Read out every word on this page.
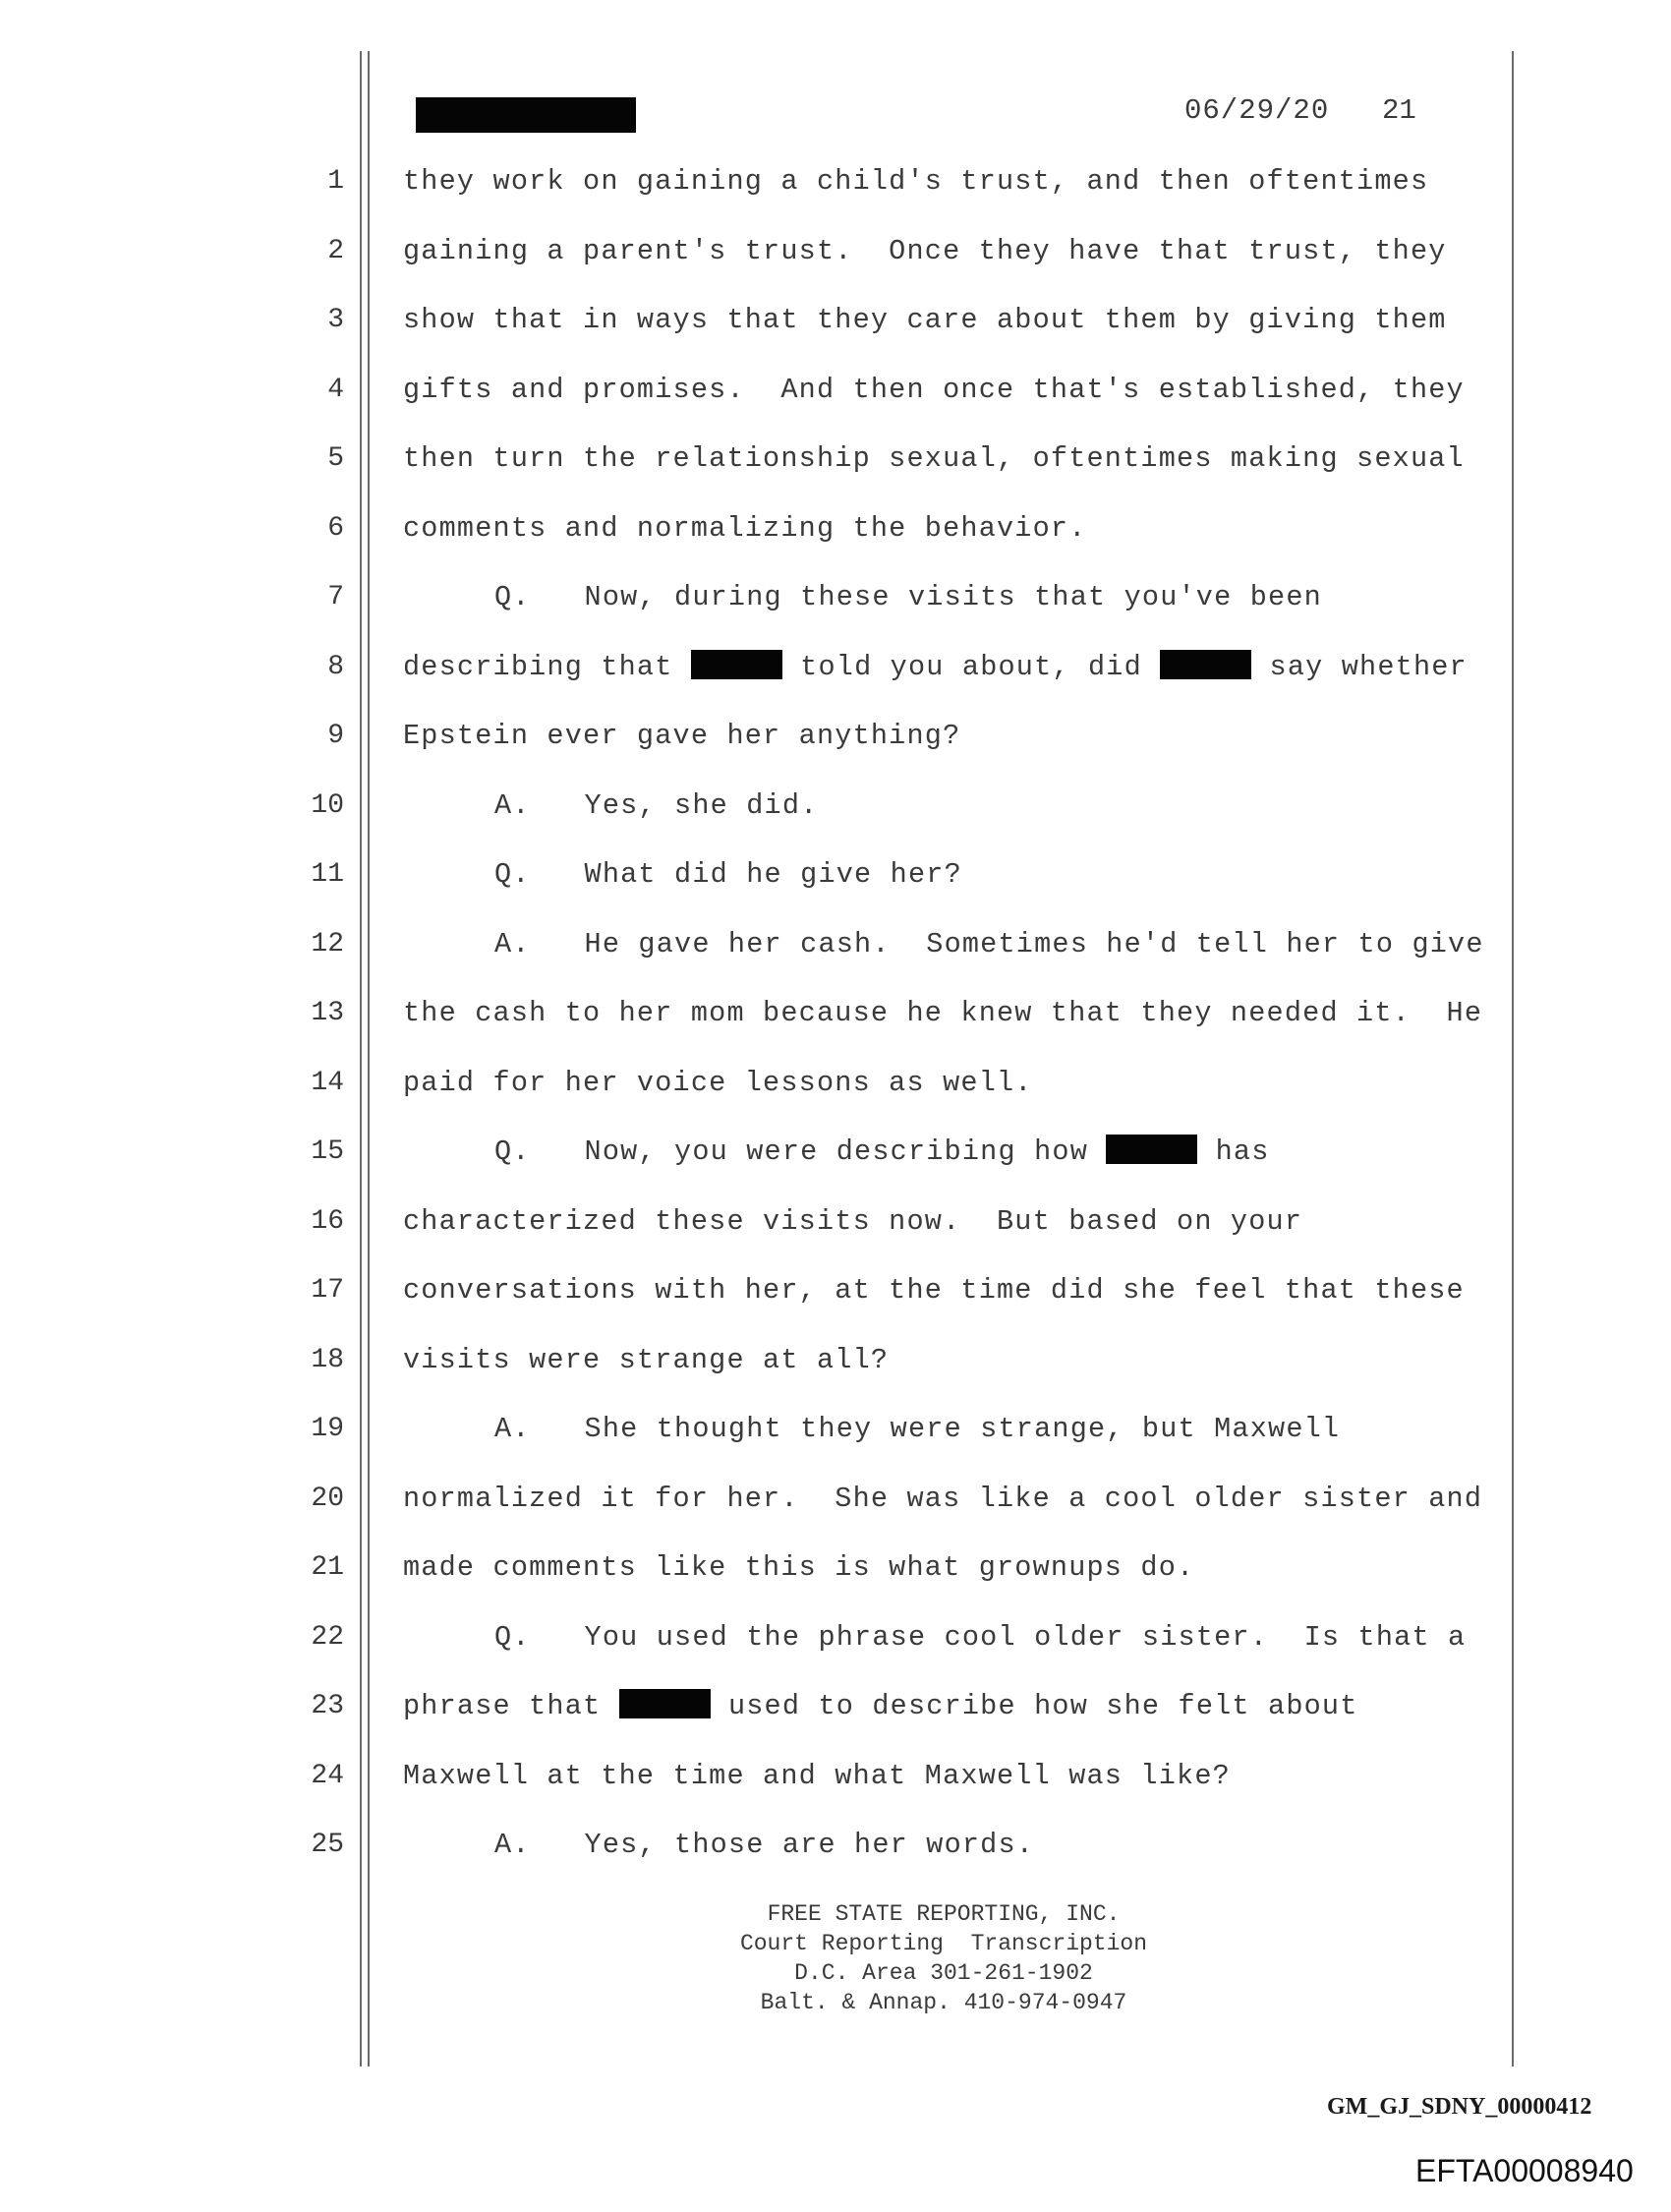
06/29/20 21
1 they work on gaining a child's trust, and then oftentimes
2 gaining a parent's trust.  Once they have that trust, they
3 show that in ways that they care about them by giving them
4 gifts and promises.  And then once that's established, they
5 then turn the relationship sexual, oftentimes making sexual
6 comments and normalizing the behavior.
7	Q.   Now, during these visits that you've been
8 describing that	told you about, did	say whether
9 Epstein ever gave her anything?
10	A.   Yes, she did.
11	Q.   What did he give her?
12	A.   He gave her cash.  Sometimes he'd tell her to give
13 the cash to her mom because he knew that they needed it.  He
14 paid for her voice lessons as well.
15	Q.   Now, you were describing how	has
16 characterized these visits now.  But based on your
17 conversations with her, at the time did she feel that these
18 visits were strange at all?
19	A.   She thought they were strange, but Maxwell
20 normalized it for her.  She was like a cool older sister and
21 made comments like this is what grownups do.
22	Q.   You used the phrase cool older sister.  Is that a
23 phrase that	used to describe how she felt about
24 Maxwell at the time and what Maxwell was like?
25	A.   Yes, those are her words.
FREE STATE REPORTING, INC.
Court Reporting  Transcription
D.C. Area 301-261-1902
Balt. & Annap. 410-974-0947
GM_GJ_SDNY_00000412
EFTA00008940
